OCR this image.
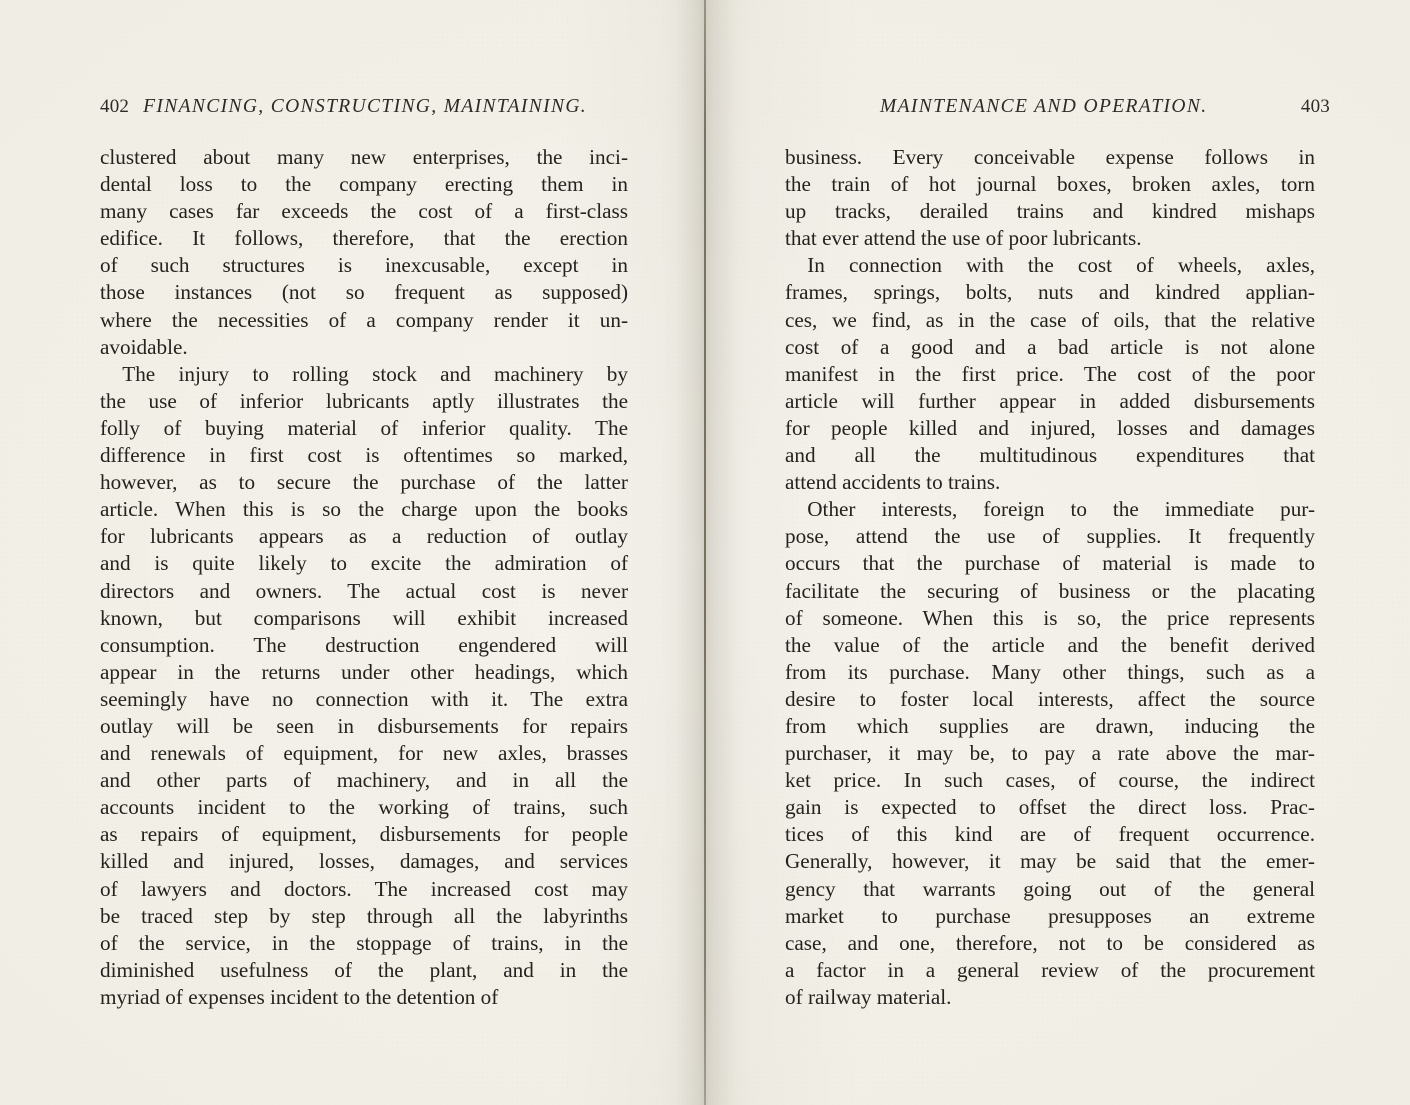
402 FINANCING, CONSTRUCTING, MAINTAINING.

clustered about many new enterprises, the inci-
dental loss to the company erecting them in
many cases far exceeds the cost of a first-class
edifice. It follows, therefore, that the erection
of such structures is inexcusable, except in
those instances (not so frequent as supposed)
where the necessities of a company render it un-
avoidable.

The injury to rolling stock and machinery by
the use of inferior lubricants aptly illustrates the
folly of buying material of inferior quality. The
difference in first cost is oftentimes so marked,
however, as to secure the purchase of the latter
article. When this is so the charge upon the books
for lubricants appears as a reduction of outlay
and is quite likely to excite the admiration of
directors and owners. The actual cost is never
known, but comparisons will exhibit increased
consumption. The destruction engendered will
appear in the returns under other headings, which
seemingly have no connection with it. The extra
outlay will be seen in disbursements for repairs
and renewals of equipment, for new axles, brasses
and other parts of machinery, and in all the
accounts incident to the working of trains, such
as repairs of equipment, disbursements for people
killed and injured, losses, damages, and services
of lawyers and doctors. The increased cost may
be traced step by step through all the labyrinths
of the service, in the stoppage of trains, in the
diminished usefulness of the plant, and in the
myriad of expenses incident to the detention of

MAINTENANCE AND OPERATION.	403

business. Every conceivable expense follows in
the train of hot journal boxes, broken axles, torn
up tracks, derailed trains and kindred mishaps
that ever attend the use of poor lubricants.

In connection with the cost of wheels, axles,
frames, springs, bolts, nuts and kindred applian-
ces, we find, as in the case of oils, that the relative
cost of a good and a bad article is not alone
manifest in the first price. The cost of the poor
article will further appear in added disbursements
for people killed and injured, losses and damages
and all the multitudinous expenditures that
attend accidents to trains.

Other interests, foreign to the immediate pur-
pose, attend the use of supplies. It frequently
occurs that the purchase of material is made to
facilitate the securing of business or the placating
of someone. When this is so, the price represents
the value of the article and the benefit derived
from its purchase. Many other things, such as a
desire to foster local interests, affect the source
from which supplies are drawn, inducing the
purchaser, it may be, to pay a rate above the mar-
ket price. In such cases, of course, the indirect
gain is expected to offset the direct loss. Prac-
tices of this kind are of frequent occurrence.
Generally, however, it may be said that the emer-
gency that warrants going out of the general
market to purchase presupposes an extreme
case, and one, therefore, not to be considered as
a factor in a general review of the procurement
of railway material.
